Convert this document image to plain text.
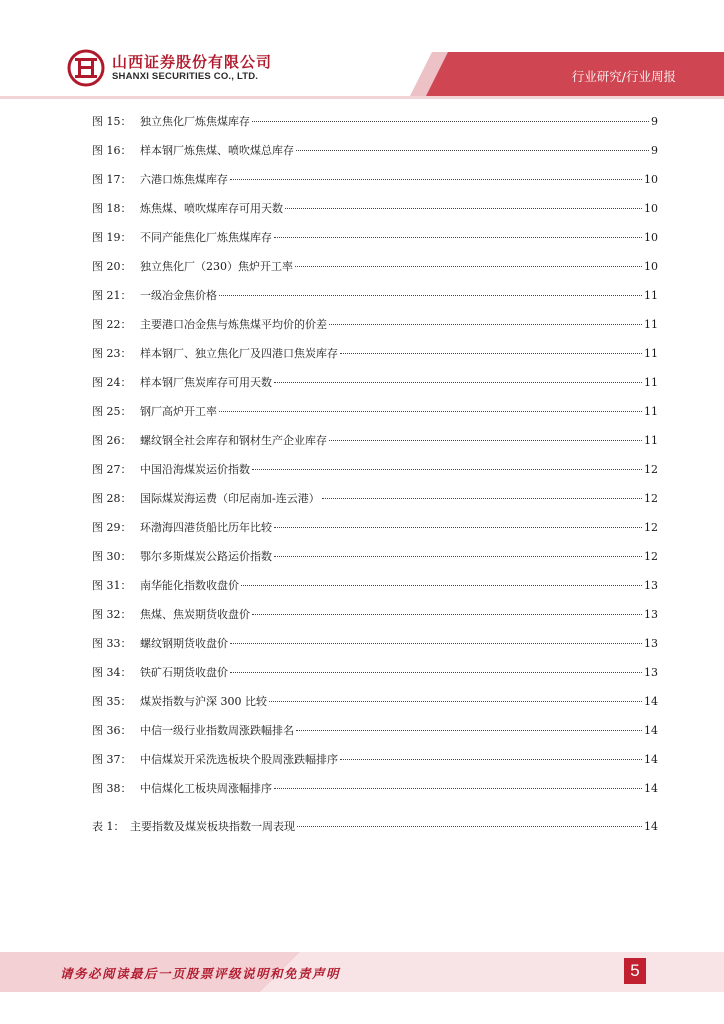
山西证券股份有限公司
SHANXI SECURITIES CO., LTD.	行业研究/行业周报
图 15： 独立焦化厂炼焦煤库存	9
图 16： 样本钢厂炼焦煤、喷吹煤总库存	9
图 17： 六港口炼焦煤库存	10
图 18： 炼焦煤、喷吹煤库存可用天数	10
图 19： 不同产能焦化厂炼焦煤库存	10
图 20： 独立焦化厂（230）焦炉开工率	10
图 21： 一级冶金焦价格	11
图 22： 主要港口冶金焦与炼焦煤平均价的价差	11
图 23： 样本钢厂、独立焦化厂及四港口焦炭库存	11
图 24： 样本钢厂焦炭库存可用天数	11
图 25： 钢厂高炉开工率	11
图 26： 螺纹钢全社会库存和钢材生产企业库存	11
图 27： 中国沿海煤炭运价指数	12
图 28： 国际煤炭海运费（印尼南加-连云港）	12
图 29： 环渤海四港货船比历年比较	12
图 30： 鄂尔多斯煤炭公路运价指数	12
图 31： 南华能化指数收盘价	13
图 32： 焦煤、焦炭期货收盘价	13
图 33： 螺纹钢期货收盘价	13
图 34： 铁矿石期货收盘价	13
图 35： 煤炭指数与沪深 300 比较	14
图 36： 中信一级行业指数周涨跌幅排名	14
图 37： 中信煤炭开采洗选板块个股周涨跌幅排序	14
图 38： 中信煤化工板块周涨幅排序	14
表 1： 主要指数及煤炭板块指数一周表现	14
请务必阅读最后一页股票评级说明和免责声明	5
